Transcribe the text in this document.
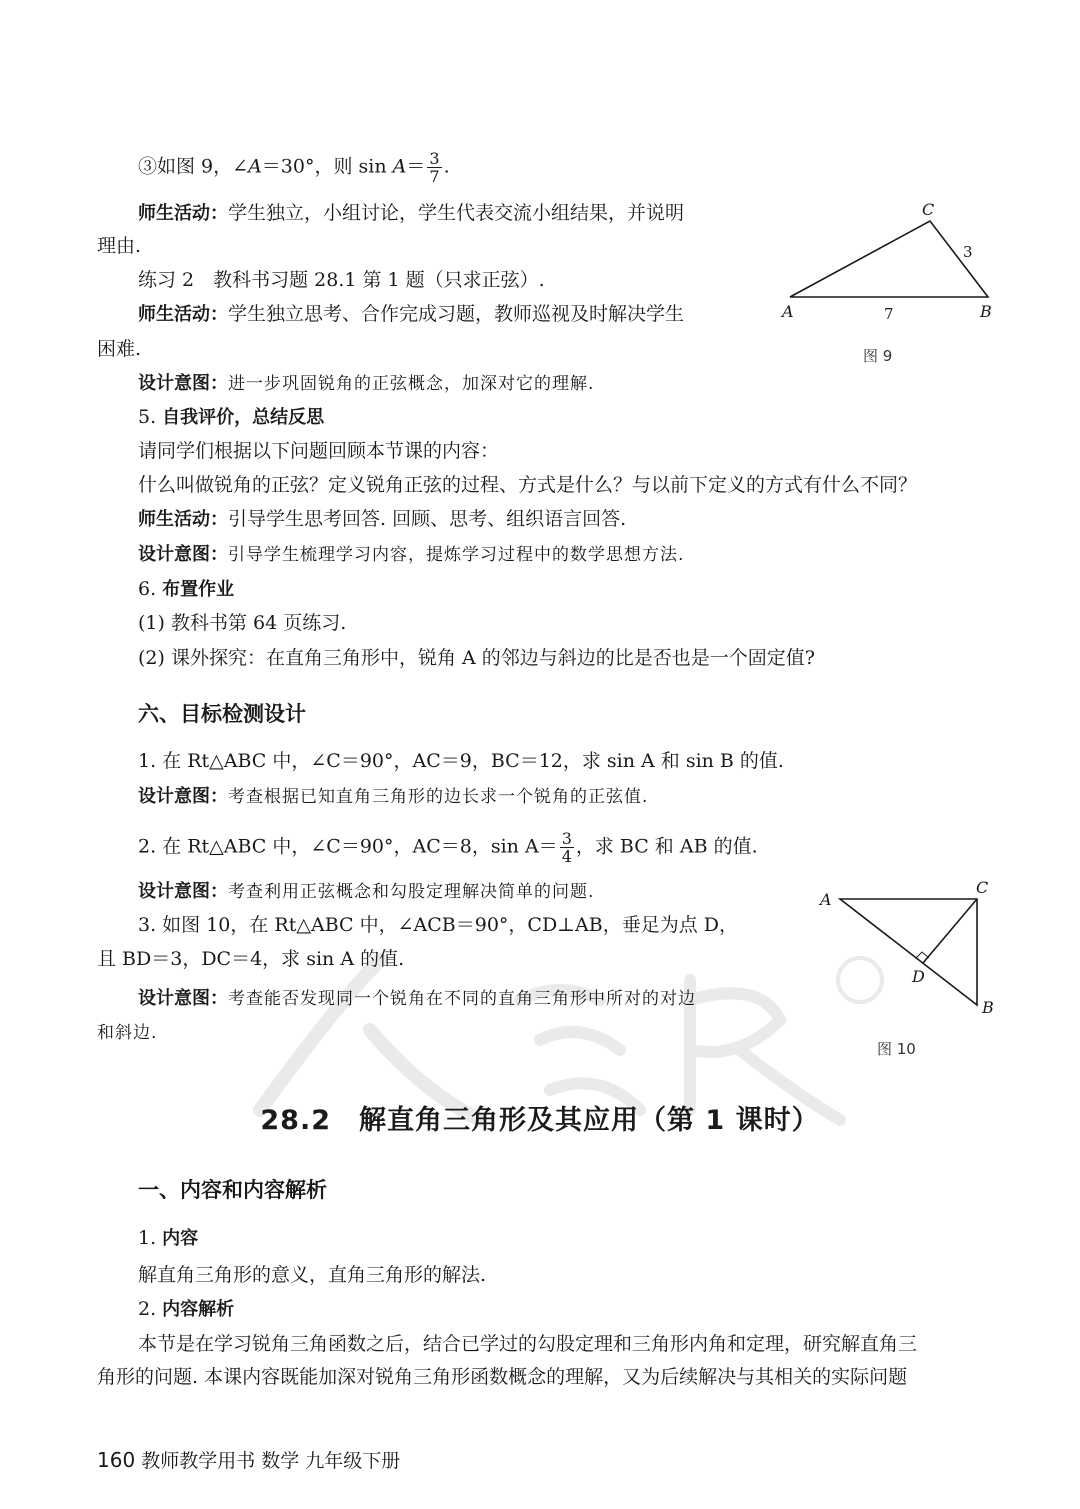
③如图 9，∠A＝30°，则 $\sin A= \frac{3}{7}$ .
师生活动：学生独立，小组讨论，学生代表交流小组结果，并说明
理由.
练习 2　教科书习题 28.1 第 1 题（只求正弦）.
师生活动：学生独立思考、合作完成习题，教师巡视及时解决学生
困难.
设计意图：进一步巩固锐角的正弦概念，加深对它的理解.
5. 自我评价，总结反思
请同学们根据以下问题回顾本节课的内容：
什么叫做锐角的正弦？定义锐角正弦的过程、方式是什么？与以前下定义的方式有什么不同？
师生活动：引导学生思考回答. 回顾、思考、组织语言回答.
设计意图：引导学生梳理学习内容，提炼学习过程中的数学思想方法.
6. 布置作业
(1) 教科书第 64 页练习.
(2) 课外探究：在直角三角形中，锐角 A 的邻边与斜边的比是否也是一个固定值?
六、目标检测设计
1. 在 Rt△ABC 中，∠C＝90°，AC＝9，BC＝12，求 sin A 和 sin B 的值.
设计意图：考查根据已知直角三角形的边长求一个锐角的正弦值.
2. 在 Rt△ABC 中，∠C＝90°，AC＝8，$\sin A= \frac{3}{4}$ ，求 BC 和 AB 的值.
设计意图：考查利用正弦概念和勾股定理解决简单的问题.
3. 如图 10，在 Rt△ABC 中，∠ACB＝90°，CD⊥AB，垂足为点 D，
且 BD＝3，DC＝4，求 sin A 的值.
设计意图：考查能否发现同一个锐角在不同的直角三角形中所对的对边
和斜边.
A	B
C
7
3
图 9
A
C
D
B
图 10
28.2　解直角三角形及其应用（第 1 课时）
一、内容和内容解析
1. 内容
解直角三角形的意义，直角三角形的解法.
2. 内容解析
本节是在学习锐角三角函数之后，结合已学过的勾股定理和三角形内角和定理，研究解直角三
角形的问题. 本课内容既能加深对锐角三角形函数概念的理解，又为后续解决与其相关的实际问题
160 教师教学用书 数学 九年级下册
